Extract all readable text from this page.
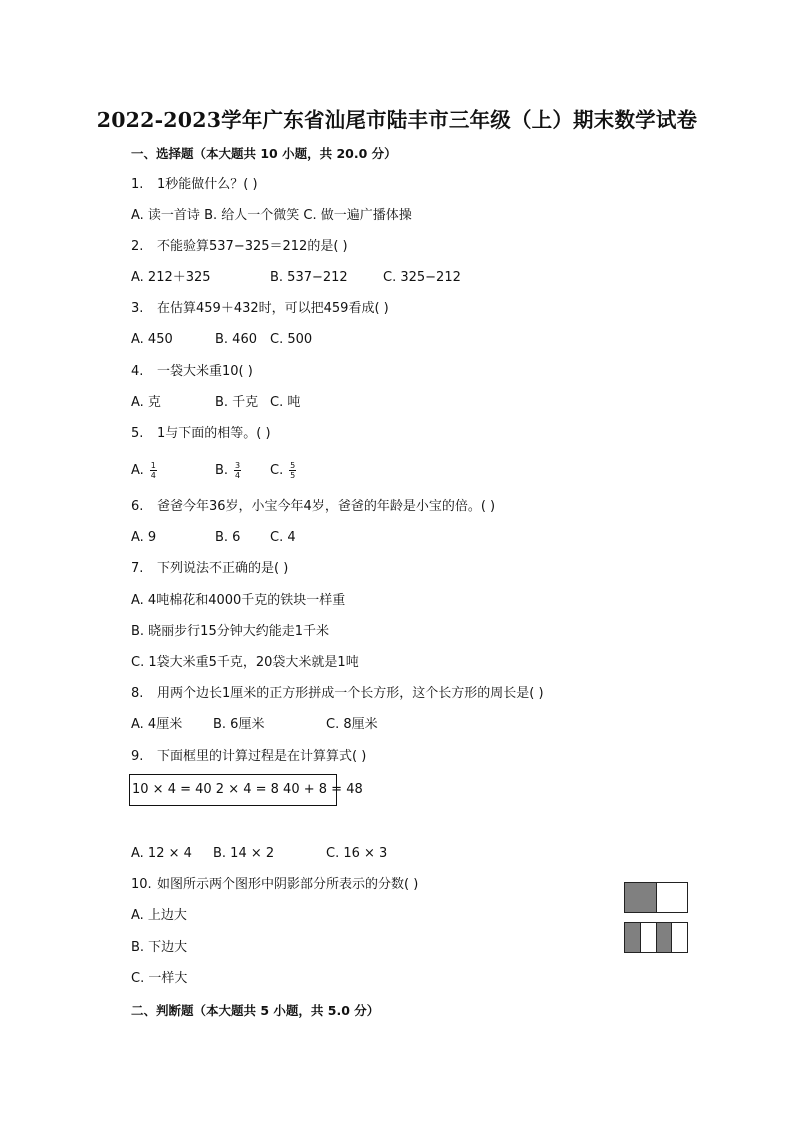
2022-2023学年广东省汕尾市陆丰市三年级（上）期末数学试卷
一、选择题（本大题共 10 小题，共 20.0 分）
1. 1秒能做什么？( )
A. 读一首诗 B. 给人一个微笑 C. 做一遍广播体操
2. 不能验算537−325＝212的是( )
A. 212＋325	B. 537−212	C. 325−212
3. 在估算459＋432时，可以把459看成( )
A. 450	B. 460 C. 500
4. 一袋大米重10( )
A. 克	B. 千克 C. 吨
5. 1与下面的相等。( )
A. $\frac{1}{4}$	B. $\frac{3}{4} C$. $\frac{5}{5}$
6. 爸爸今年36岁，小宝今年4岁，爸爸的年龄是小宝的倍。( )
A. 9	B. 6 C. 4
7. 下列说法不正确的是( )
A. 4吨棉花和4000千克的铁块一样重
B. 晓丽步行15分钟大约能走1千米
C. 1袋大米重5千克，20袋大米就是1吨
8. 用两个边长1厘米的正方形拼成一个长方形，这个长方形的周长是( )
A. 4厘米 B. 6厘米	C. 8厘米
9. 下面框里的计算过程是在计算算式( )
10 × 4 = 40 2 × 4 = 8 40 + 8 = 48
A. 12 × 4 B. 14 × 2	C. 16 × 3
10. 如图所示两个图形中阴影部分所表示的分数( )
A. 上边大
B. 下边大
C. 一样大
二、判断题（本大题共 5 小题，共 5.0 分）
